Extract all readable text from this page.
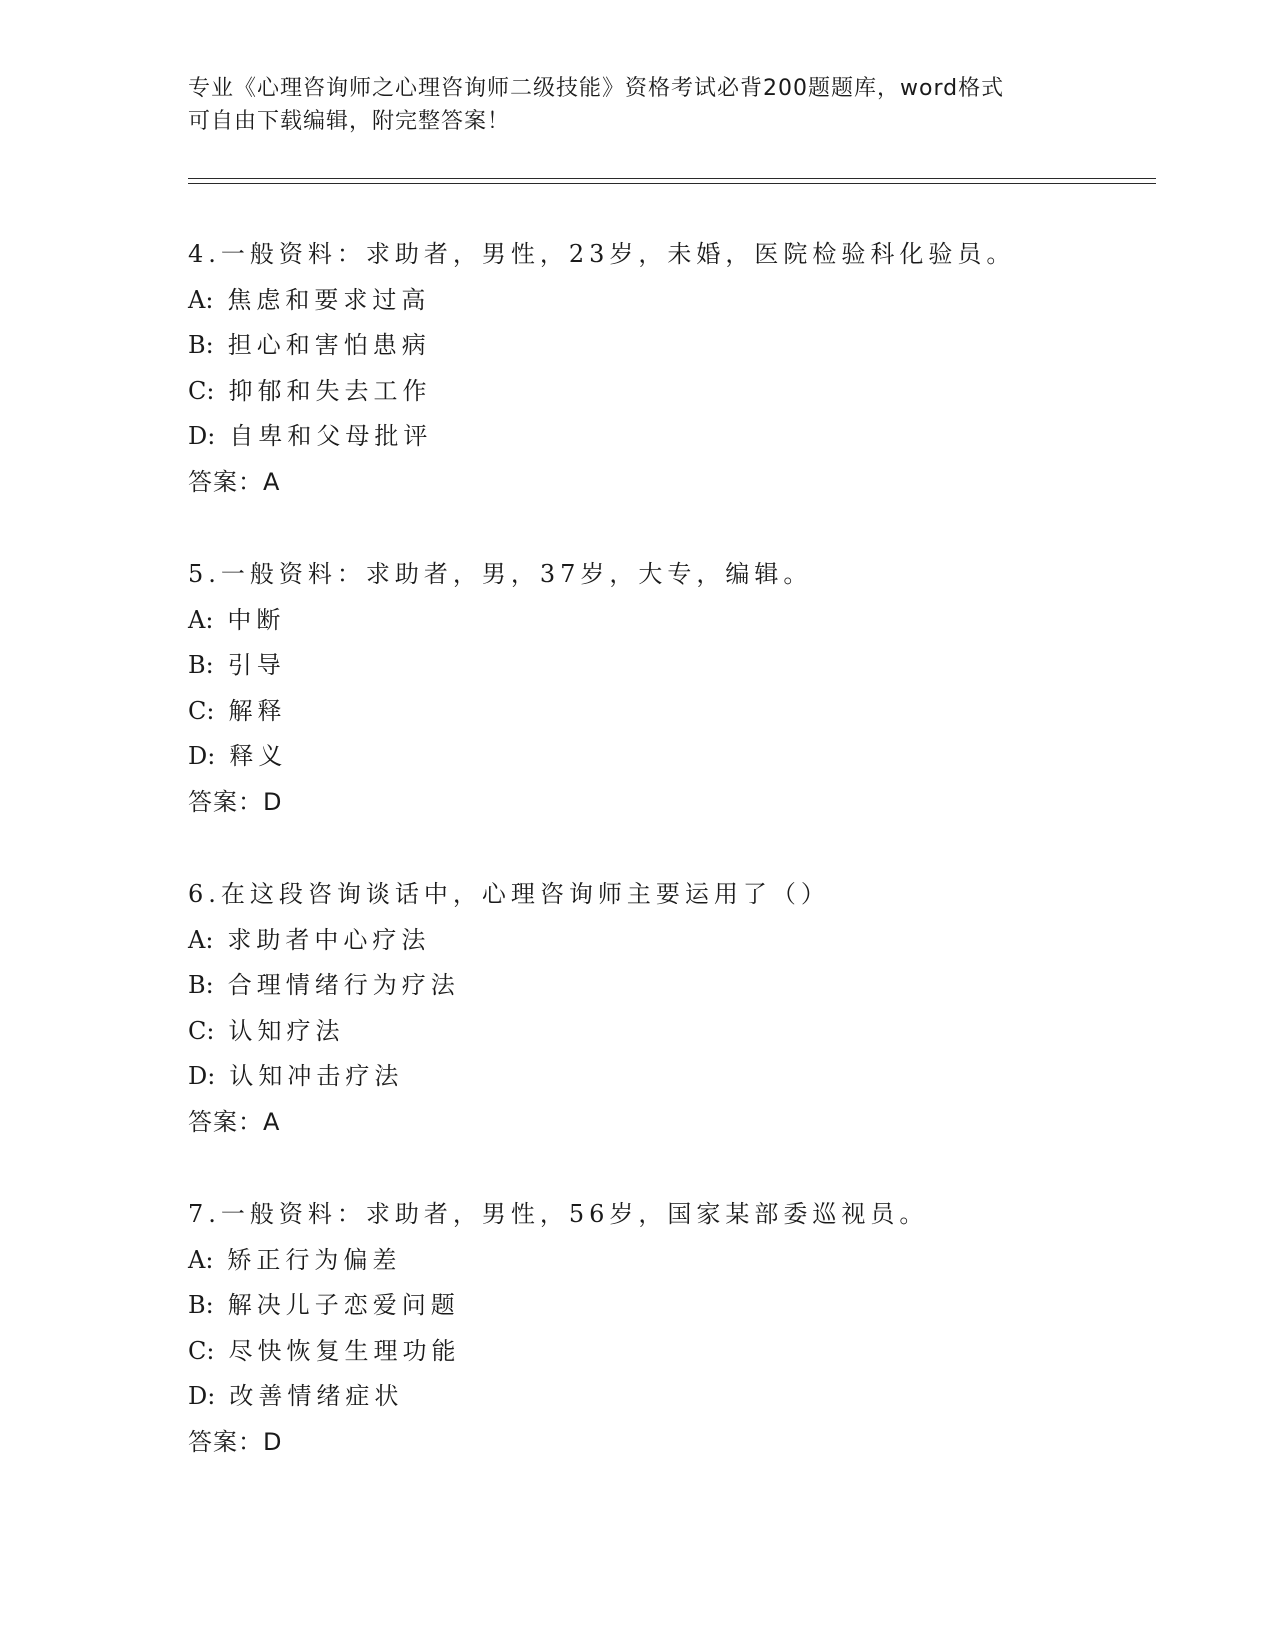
专业《心理咨询师之心理咨询师二级技能》资格考试必背200题题库，word格式
可自由下载编辑，附完整答案！
4.一般资料：求助者，男性，23岁，未婚，医院检验科化验员。
A: 焦虑和要求过高
B: 担心和害怕患病
C: 抑郁和失去工作
D: 自卑和父母批评
答案：A
5.一般资料：求助者，男，37岁，大专，编辑。
A: 中断
B: 引导
C: 解释
D: 释义
答案：D
6.在这段咨询谈话中，心理咨询师主要运用了（）
A: 求助者中心疗法
B: 合理情绪行为疗法
C: 认知疗法
D: 认知冲击疗法
答案：A
7.一般资料：求助者，男性，56岁，国家某部委巡视员。
A: 矫正行为偏差
B: 解决儿子恋爱问题
C: 尽快恢复生理功能
D: 改善情绪症状
答案：D
